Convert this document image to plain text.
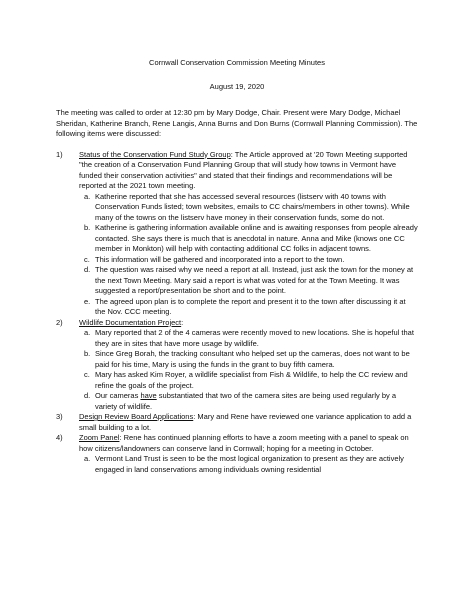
Cornwall Conservation Commission Meeting Minutes

August 19, 2020

The meeting was called to order at 12:30 pm by Mary Dodge, Chair. Present were Mary Dodge, Michael Sheridan, Katherine Branch, Rene Langis, Anna Burns and Don Burns (Cornwall Planning Commission). The following items were discussed:

1) Status of the Conservation Fund Study Group: The Article approved at '20 Town Meeting supported "the creation of a Conservation Fund Planning Group that will study how towns in Vermont have funded their conservation activities" and stated that their findings and recommendations will be reported at the 2021 town meeting.
a. Katherine reported that she has accessed several resources (listserv with 40 towns with Conservation Funds listed; town websites, emails to CC chairs/members in other towns). While many of the towns on the listserv have money in their conservation funds, some do not.
b. Katherine is gathering information available online and is awaiting responses from people already contacted. She says there is much that is anecdotal in nature. Anna and Mike (knows one CC member in Monkton) will help with contacting additional CC folks in adjacent towns.
c. This information will be gathered and incorporated into a report to the town.
d. The question was raised why we need a report at all. Instead, just ask the town for the money at the next Town Meeting. Mary said a report is what was voted for at the Town Meeting. It was suggested a report/presentation be short and to the point.
e. The agreed upon plan is to complete the report and present it to the town after discussing it at the Nov. CCC meeting.
2) Wildlife Documentation Project:
a. Mary reported that 2 of the 4 cameras were recently moved to new locations. She is hopeful that they are in sites that have more usage by wildlife.
b. Since Greg Borah, the tracking consultant who helped set up the cameras, does not want to be paid for his time, Mary is using the funds in the grant to buy fifth camera.
c. Mary has asked Kim Royer, a wildlife specialist from Fish & Wildlife, to help the CC review and refine the goals of the project.
d. Our cameras have substantiated that two of the camera sites are being used regularly by a variety of wildlife.
3) Design Review Board Applications: Mary and Rene have reviewed one variance application to add a small building to a lot.
4) Zoom Panel: Rene has continued planning efforts to have a zoom meeting with a panel to speak on how citizens/landowners can conserve land in Cornwall; hoping for a meeting in October.
a. Vermont Land Trust is seen to be the most logical organization to present as they are actively engaged in land conservations among individuals owning residential
